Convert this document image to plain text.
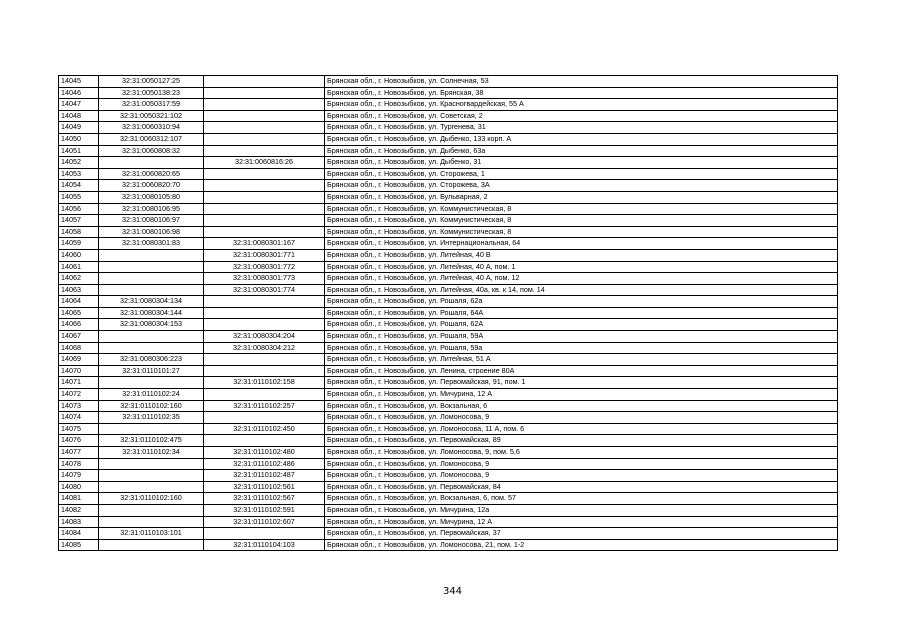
14045	32:31:0050127:25		Брянская обл., г. Новозыбков, ул. Солнечная, 53
14046	32:31:0050138:23		Брянская обл., г. Новозыбков, ул. Брянская, 38
14047	32:31:0050317:59		Брянская обл., г. Новозыбков, ул. Красногвардейская, 55 А
14048	32:31:0050321:102		Брянская обл., г. Новозыбков, ул. Советская, 2
14049	32:31:0060310:94		Брянская обл., г. Новозыбков, ул. Тургенева, 31
14050	32:31:0060312:107		Брянская обл., г. Новозыбков, ул. Дыбенко, 133 корп. А
14051	32:31:0060808:32		Брянская обл., г. Новозыбков, ул. Дыбенко, 63а
14052		32:31:0060816:26	Брянская обл., г. Новозыбков, ул. Дыбенко, 31
14053	32:31:0060820:65		Брянская обл., г. Новозыбков, ул. Сторожева, 1
14054	32:31:0060820:70		Брянская обл., г. Новозыбков, ул. Сторожева, 3А
14055	32:31:0080105:80		Брянская обл., г. Новозыбков, ул. Бульварная, 2
14056	32:31:0080106:95		Брянская обл., г. Новозыбков, ул. Коммунистическая, 8
14057	32:31:0080106:97		Брянская обл., г. Новозыбков, ул. Коммунистическая, 8
14058	32:31:0080106:98		Брянская обл., г. Новозыбков, ул. Коммунистическая, 8
14059	32:31:0080301:83	32:31:0080301:167	Брянская обл., г. Новозыбков, ул. Интернациональная, 64
14060		32:31:0080301:771	Брянская обл., г. Новозыбков, ул. Литейная, 40 В
14061		32:31:0080301:772	Брянская обл., г. Новозыбков, ул. Литейная, 40 А, пом. 1
14062		32:31:0080301:773	Брянская обл., г. Новозыбков, ул. Литейная, 40 А, пом. 12
14063		32:31:0080301:774	Брянская обл., г. Новозыбков, ул. Литейная, 40а, кв. к 14, пом. 14
14064	32:31:0080304:134		Брянская обл., г. Новозыбков, ул. Рошаля, 62а
14065	32:31:0080304:144		Брянская обл., г. Новозыбков, ул. Рошаля, 64А
14066	32:31:0080304:153		Брянская обл., г. Новозыбков, ул. Рошаля, 62А
14067		32:31:0080304:204	Брянская обл., г. Новозыбков, ул. Рошаля, 59А
14068		32:31:0080304:212	Брянская обл., г. Новозыбков, ул. Рошаля, 59а
14069	32:31:0080306:223		Брянская обл., г. Новозыбков, ул. Литейная, 51 А
14070	32:31:0110101:27		Брянская обл., г. Новозыбков, ул. Ленина, строение 80А
14071		32:31:0110102:158	Брянская обл., г. Новозыбков, ул. Первомайская, 91, пом. 1
14072	32:31:0110102:24		Брянская обл., г. Новозыбков, ул. Мичурина, 12 А
14073	32:31:0110102:160	32:31:0110102:257	Брянская обл., г. Новозыбков, ул. Вокзальная, 6
14074	32:31:0110102:35		Брянская обл., г. Новозыбков, ул. Ломоносова, 9
14075		32:31:0110102:450	Брянская обл., г. Новозыбков, ул. Ломоносова, 11 А, пом. 6
14076	32:31:0110102:475		Брянская обл., г. Новозыбков, ул. Первомайская, 89
14077	32:31:0110102:34	32:31:0110102:480	Брянская обл., г. Новозыбков, ул. Ломоносова, 9, пом. 5,6
14078		32:31:0110102:486	Брянская обл., г. Новозыбков, ул. Ломоносова, 9
14079		32:31:0110102:487	Брянская обл., г. Новозыбков, ул. Ломоносова, 9
14080		32:31:0110102:561	Брянская обл., г. Новозыбков, ул. Первомайская, 84
14081	32:31:0110102:160	32:31:0110102:567	Брянская обл., г. Новозыбков, ул. Вокзальная, 6, пом. 57
14082		32:31:0110102:591	Брянская обл., г. Новозыбков, ул. Мичурина, 12а
14083		32:31:0110102:607	Брянская обл., г. Новозыбков, ул. Мичурина, 12 А
14084	32:31:0110103:101		Брянская обл., г. Новозыбков, ул. Первомайская, 37
14085		32:31:0110104:103	Брянская обл., г. Новозыбков, ул. Ломоносова, 21, пом. 1-2
344
